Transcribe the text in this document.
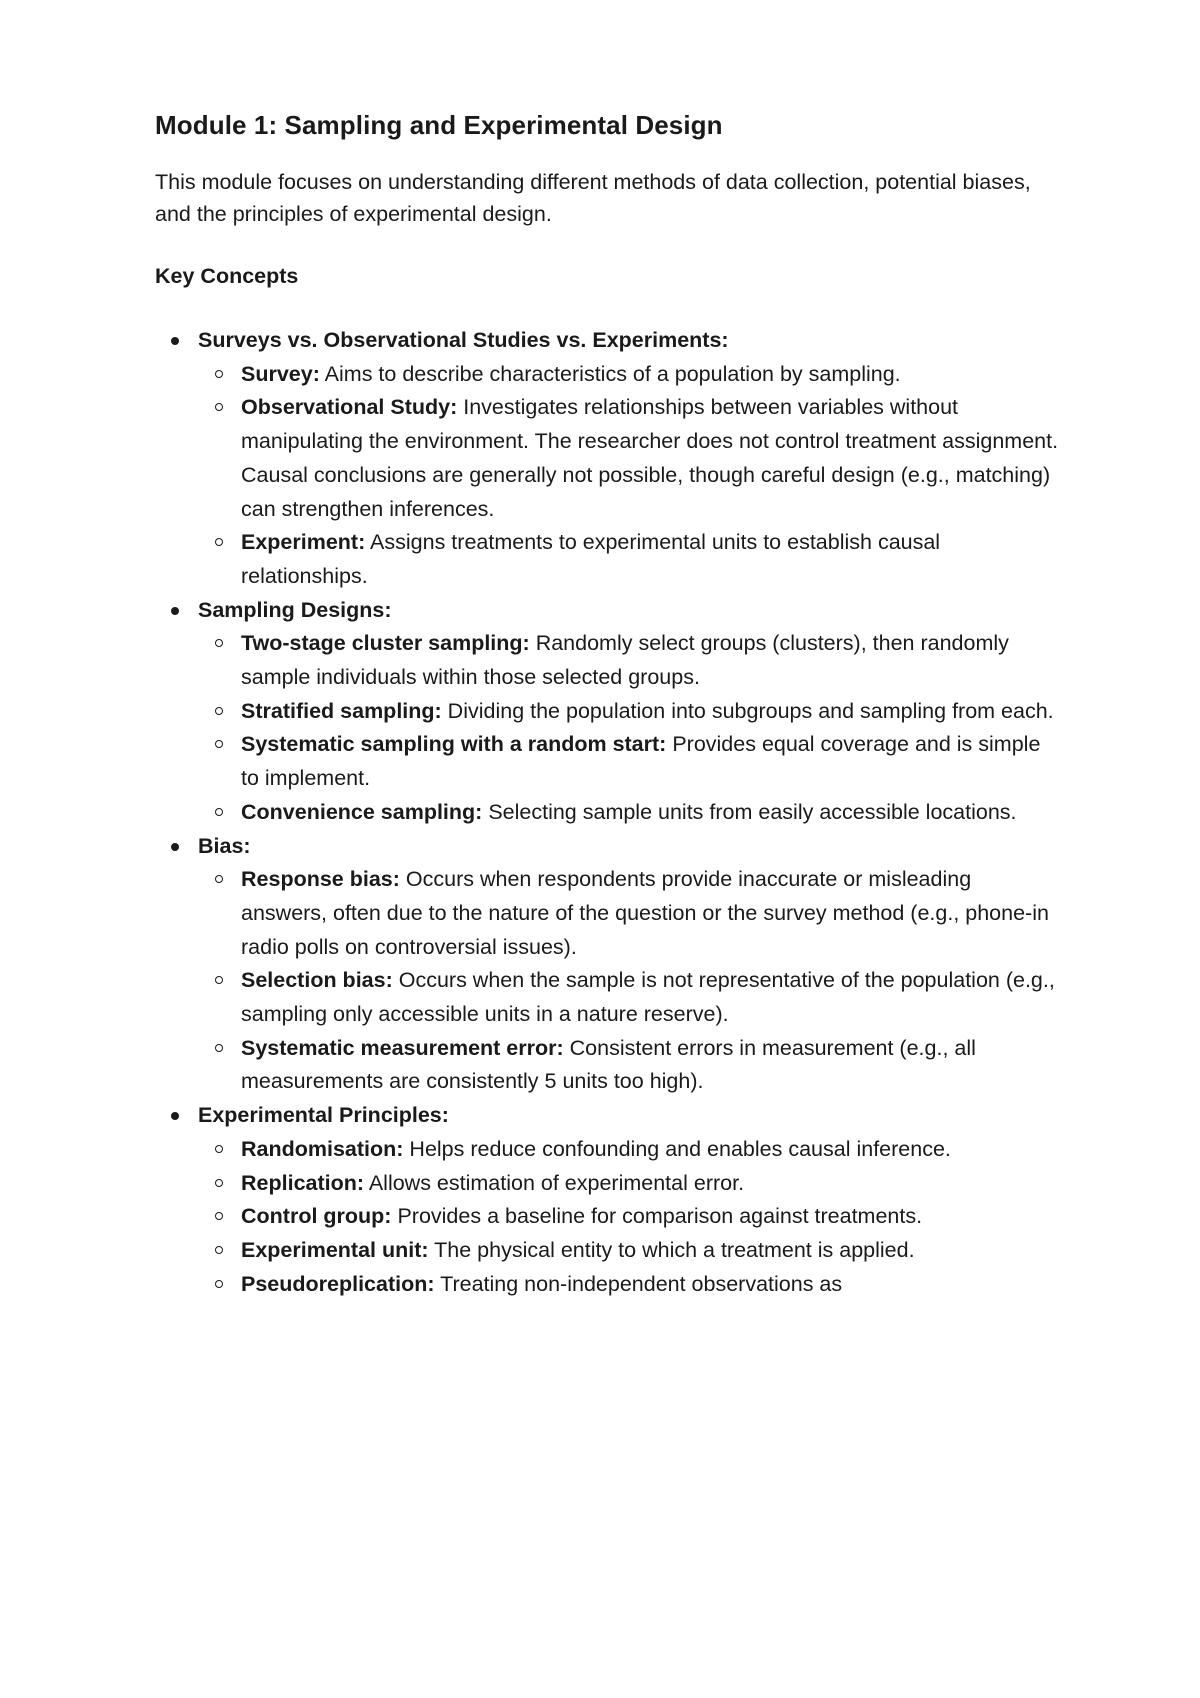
Module 1: Sampling and Experimental Design

This module focuses on understanding different methods of data collection, potential biases, and the principles of experimental design.

Key Concepts
Surveys vs. Observational Studies vs. Experiments:
Survey: Aims to describe characteristics of a population by sampling.
Observational Study: Investigates relationships between variables without manipulating the environment. The researcher does not control treatment assignment. Causal conclusions are generally not possible, though careful design (e.g., matching) can strengthen inferences.
Experiment: Assigns treatments to experimental units to establish causal relationships.
Sampling Designs:
Two-stage cluster sampling: Randomly select groups (clusters), then randomly sample individuals within those selected groups.
Stratified sampling: Dividing the population into subgroups and sampling from each.
Systematic sampling with a random start: Provides equal coverage and is simple to implement.
Convenience sampling: Selecting sample units from easily accessible locations.
Bias:
Response bias: Occurs when respondents provide inaccurate or misleading answers, often due to the nature of the question or the survey method (e.g., phone-in radio polls on controversial issues).
Selection bias: Occurs when the sample is not representative of the population (e.g., sampling only accessible units in a nature reserve).
Systematic measurement error: Consistent errors in measurement (e.g., all measurements are consistently 5 units too high).
Experimental Principles:
Randomisation: Helps reduce confounding and enables causal inference.
Replication: Allows estimation of experimental error.
Control group: Provides a baseline for comparison against treatments.
Experimental unit: The physical entity to which a treatment is applied.
Pseudoreplication: Treating non-independent observations as
